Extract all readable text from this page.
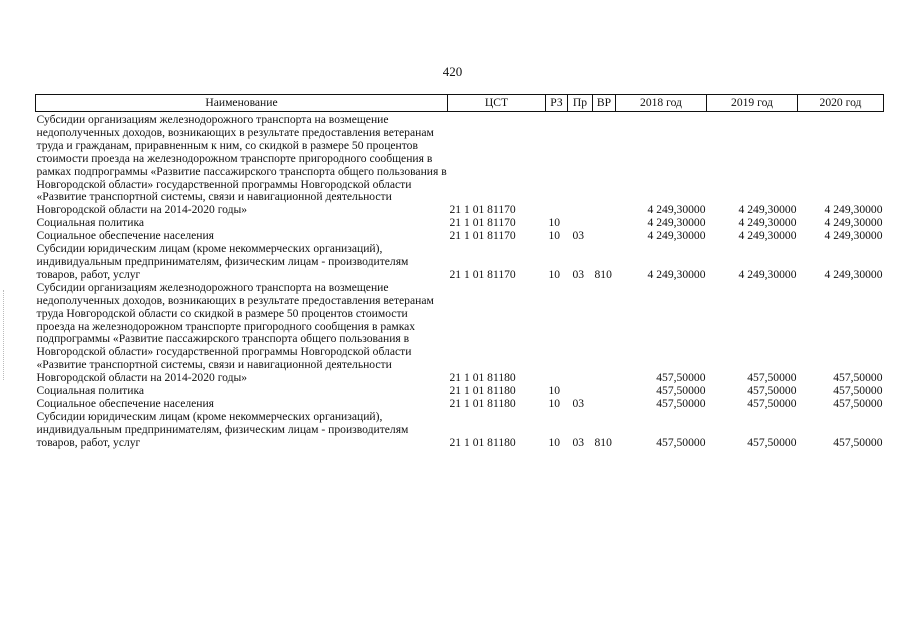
420
Наименование	ЦСТ	РЗ	Пр	ВР	2018 год	2019 год	2020 год
Субсидии организациям железнодорожного транспорта на возмещение недополученных доходов, возникающих в результате предоставления ветеранам труда и гражданам, приравненным к ним, со скидкой в размере 50 процентов стоимости проезда на железнодорожном транспорте пригородного сообщения в рамках подпрограммы «Развитие пассажирского транспорта общего пользования в Новгородской области» государственной программы Новгородской области «Развитие транспортной системы, связи и навигационной деятельности Новгородской области на 2014-2020 годы»	21 1 01 81170				4 249,30000	4 249,30000	4 249,30000
Социальная политика	21 1 01 81170	10			4 249,30000	4 249,30000	4 249,30000
Социальное обеспечение населения	21 1 01 81170	10	03		4 249,30000	4 249,30000	4 249,30000
Субсидии юридическим лицам (кроме некоммерческих организаций), индивидуальным предпринимателям, физическим лицам - производителям товаров, работ, услуг	21 1 01 81170	10	03	810	4 249,30000	4 249,30000	4 249,30000
Субсидии организациям железнодорожного транспорта на возмещение недополученных доходов, возникающих в результате предоставления ветеранам труда Новгородской области со скидкой в размере 50 процентов стоимости проезда на железнодорожном транспорте пригородного сообщения в рамках подпрограммы «Развитие пассажирского транспорта общего пользования в Новгородской области» государственной программы Новгородской области «Развитие транспортной системы, связи и навигационной деятельности Новгородской области на 2014-2020 годы»	21 1 01 81180				457,50000	457,50000	457,50000
Социальная политика	21 1 01 81180	10			457,50000	457,50000	457,50000
Социальное обеспечение населения	21 1 01 81180	10	03		457,50000	457,50000	457,50000
Субсидии юридическим лицам (кроме некоммерческих организаций), индивидуальным предпринимателям, физическим лицам - производителям товаров, работ, услуг	21 1 01 81180	10	03	810	457,50000	457,50000	457,50000
